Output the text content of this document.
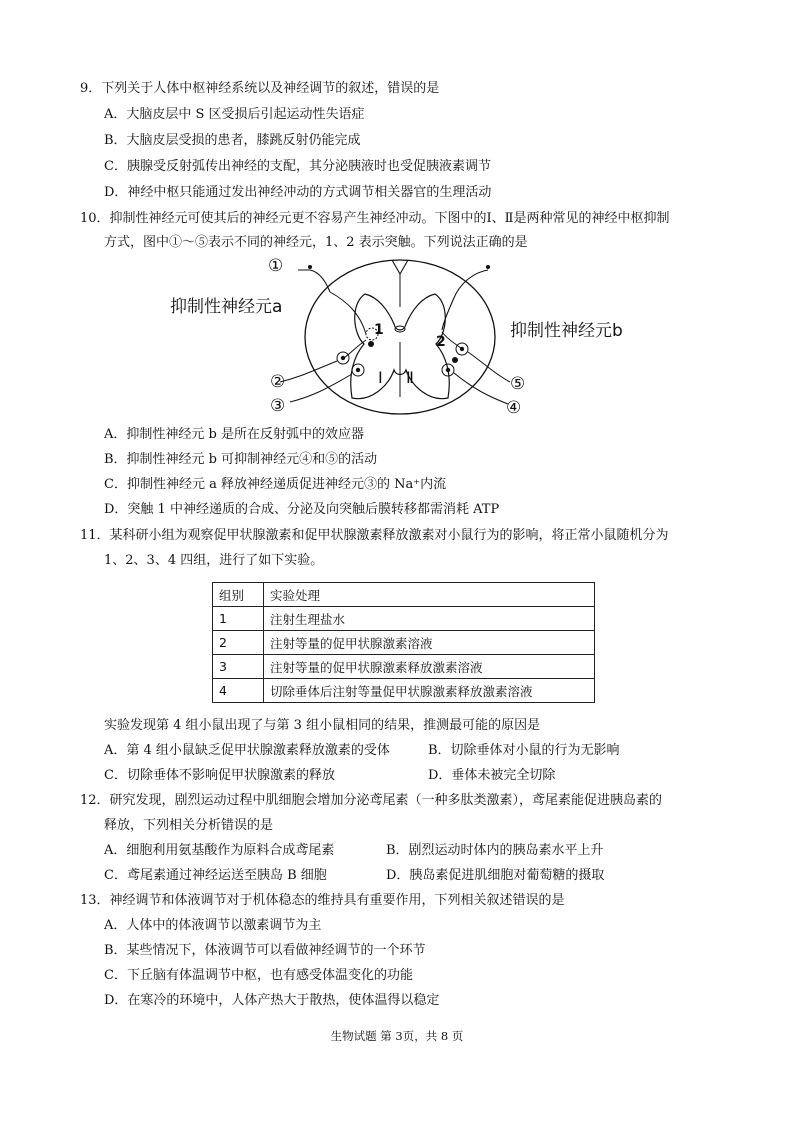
9．下列关于人体中枢神经系统以及神经调节的叙述，错误的是
A．大脑皮层中 S 区受损后引起运动性失语症
B．大脑皮层受损的患者，膝跳反射仍能完成
C．胰腺受反射弧传出神经的支配，其分泌胰液时也受促胰液素调节
D．神经中枢只能通过发出神经冲动的方式调节相关器官的生理活动
10．抑制性神经元可使其后的神经元更不容易产生神经冲动。下图中的Ⅰ、Ⅱ是两种常见的神经中枢抑制
方式，图中①～⑤表示不同的神经元，1、2 表示突触。下列说法正确的是
①
抑制性神经元a
抑制性神经元b
1
2
Ⅰ Ⅱ
②
③
⑤
④
A．抑制性神经元 b 是所在反射弧中的效应器
B．抑制性神经元 b 可抑制神经元④和⑤的活动
C．抑制性神经元 a 释放神经递质促进神经元③的 Na⁺内流
D．突触 1 中神经递质的合成、分泌及向突触后膜转移都需消耗 ATP
11．某科研小组为观察促甲状腺激素和促甲状腺激素释放激素对小鼠行为的影响，将正常小鼠随机分为
1、2、3、4 四组，进行了如下实验。
组别	实验处理
1	注射生理盐水
2	注射等量的促甲状腺激素溶液
3	注射等量的促甲状腺激素释放激素溶液
4	切除垂体后注射等量促甲状腺激素释放激素溶液
实验发现第 4 组小鼠出现了与第 3 组小鼠相同的结果，推测最可能的原因是
A．第 4 组小鼠缺乏促甲状腺激素释放激素的受体	B．切除垂体对小鼠的行为无影响
C．切除垂体不影响促甲状腺激素的释放	D．垂体未被完全切除
12．研究发现，剧烈运动过程中肌细胞会增加分泌鸢尾素（一种多肽类激素），鸢尾素能促进胰岛素的
释放，下列相关分析错误的是
A．细胞利用氨基酸作为原料合成鸢尾素	B．剧烈运动时体内的胰岛素水平上升
C．鸢尾素通过神经运送至胰岛 B 细胞	D．胰岛素促进肌细胞对葡萄糖的摄取
13．神经调节和体液调节对于机体稳态的维持具有重要作用，下列相关叙述错误的是
A．人体中的体液调节以激素调节为主
B．某些情况下，体液调节可以看做神经调节的一个环节
C．下丘脑有体温调节中枢，也有感受体温变化的功能
D．在寒冷的环境中，人体产热大于散热，使体温得以稳定
生物试题 第 3页，共 8 页
